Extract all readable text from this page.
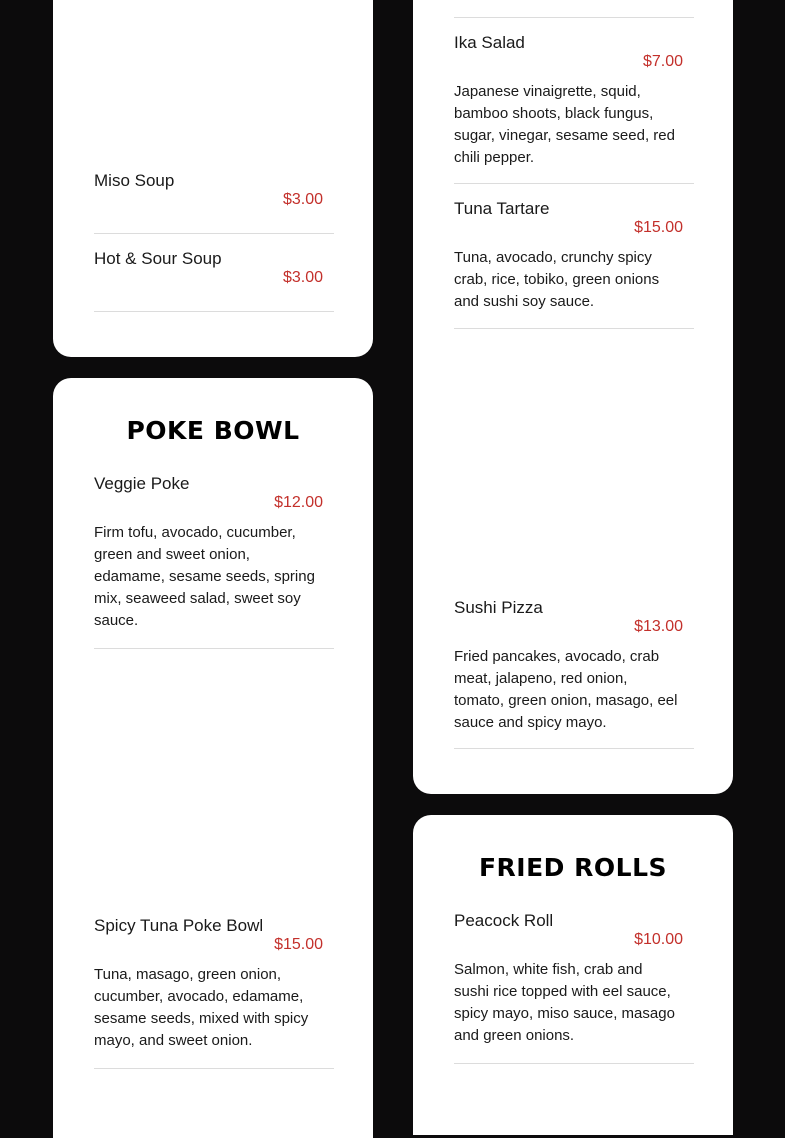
Miso Soup
$3.00
Hot & Sour Soup
$3.00
POKE BOWL
Veggie Poke
$12.00
Firm tofu, avocado, cucumber, green and sweet onion, edamame, sesame seeds, spring mix, seaweed salad, sweet soy sauce.
Spicy Tuna Poke Bowl
$15.00
Tuna, masago, green onion, cucumber, avocado, edamame, sesame seeds, mixed with spicy mayo, and sweet onion.
Ika Salad
$7.00
Japanese vinaigrette, squid, bamboo shoots, black fungus, sugar, vinegar, sesame seed, red chili pepper.
Tuna Tartare
$15.00
Tuna, avocado, crunchy spicy crab, rice, tobiko, green onions and sushi soy sauce.
Sushi Pizza
$13.00
Fried pancakes, avocado, crab meat, jalapeno, red onion, tomato, green onion, masago, eel sauce and spicy mayo.
FRIED ROLLS
Peacock Roll
$10.00
Salmon, white fish, crab and sushi rice topped with eel sauce, spicy mayo, miso sauce, masago and green onions.
